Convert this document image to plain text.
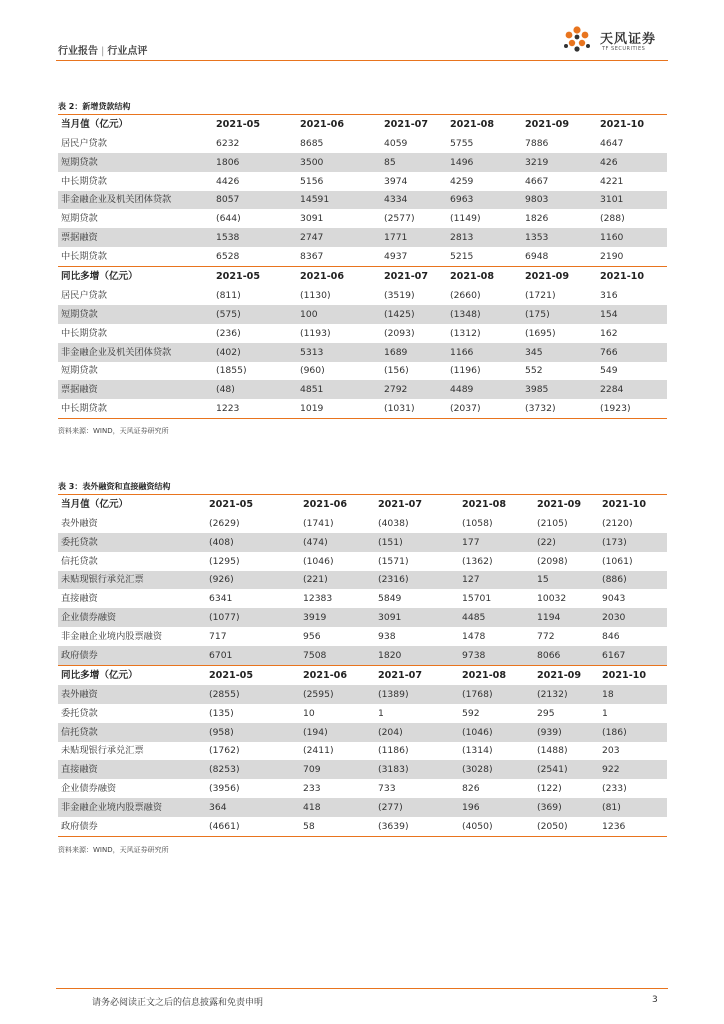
行业报告 | 行业点评
天风证券
TF SECURITIES
表 2：新增贷款结构
当月值（亿元）	2021-05	2021-06	2021-07	2021-08	2021-09	2021-10
居民户贷款	6232	8685	4059	5755	7886	4647
短期贷款	1806	3500	85	1496	3219	426
中长期贷款	4426	5156	3974	4259	4667	4221
非金融企业及机关团体贷款	8057	14591	4334	6963	9803	3101
短期贷款	(644)	3091	(2577)	(1149)	1826	(288)
票据融资	1538	2747	1771	2813	1353	1160
中长期贷款	6528	8367	4937	5215	6948	2190
同比多增（亿元）	2021-05	2021-06	2021-07	2021-08	2021-09	2021-10
居民户贷款	(811)	(1130)	(3519)	(2660)	(1721)	316
短期贷款	(575)	100	(1425)	(1348)	(175)	154
中长期贷款	(236)	(1193)	(2093)	(1312)	(1695)	162
非金融企业及机关团体贷款	(402)	5313	1689	1166	345	766
短期贷款	(1855)	(960)	(156)	(1196)	552	549
票据融资	(48)	4851	2792	4489	3985	2284
中长期贷款	1223	1019	(1031)	(2037)	(3732)	(1923)
资料来源：WIND，天风证券研究所
表 3：表外融资和直接融资结构
当月值（亿元）	2021-05	2021-06	2021-07	2021-08	2021-09	2021-10
表外融资	(2629)	(1741)	(4038)	(1058)	(2105)	(2120)
委托贷款	(408)	(474)	(151)	177	(22)	(173)
信托贷款	(1295)	(1046)	(1571)	(1362)	(2098)	(1061)
未贴现银行承兑汇票	(926)	(221)	(2316)	127	15	(886)
直接融资	6341	12383	5849	15701	10032	9043
企业债券融资	(1077)	3919	3091	4485	1194	2030
非金融企业境内股票融资	717	956	938	1478	772	846
政府债券	6701	7508	1820	9738	8066	6167
同比多增（亿元）	2021-05	2021-06	2021-07	2021-08	2021-09	2021-10
表外融资	(2855)	(2595)	(1389)	(1768)	(2132)	18
委托贷款	(135)	10	1	592	295	1
信托贷款	(958)	(194)	(204)	(1046)	(939)	(186)
未贴现银行承兑汇票	(1762)	(2411)	(1186)	(1314)	(1488)	203
直接融资	(8253)	709	(3183)	(3028)	(2541)	922
企业债券融资	(3956)	233	733	826	(122)	(233)
非金融企业境内股票融资	364	418	(277)	196	(369)	(81)
政府债券	(4661)	58	(3639)	(4050)	(2050)	1236
资料来源：WIND，天风证券研究所
请务必阅读正文之后的信息披露和免责申明	3
